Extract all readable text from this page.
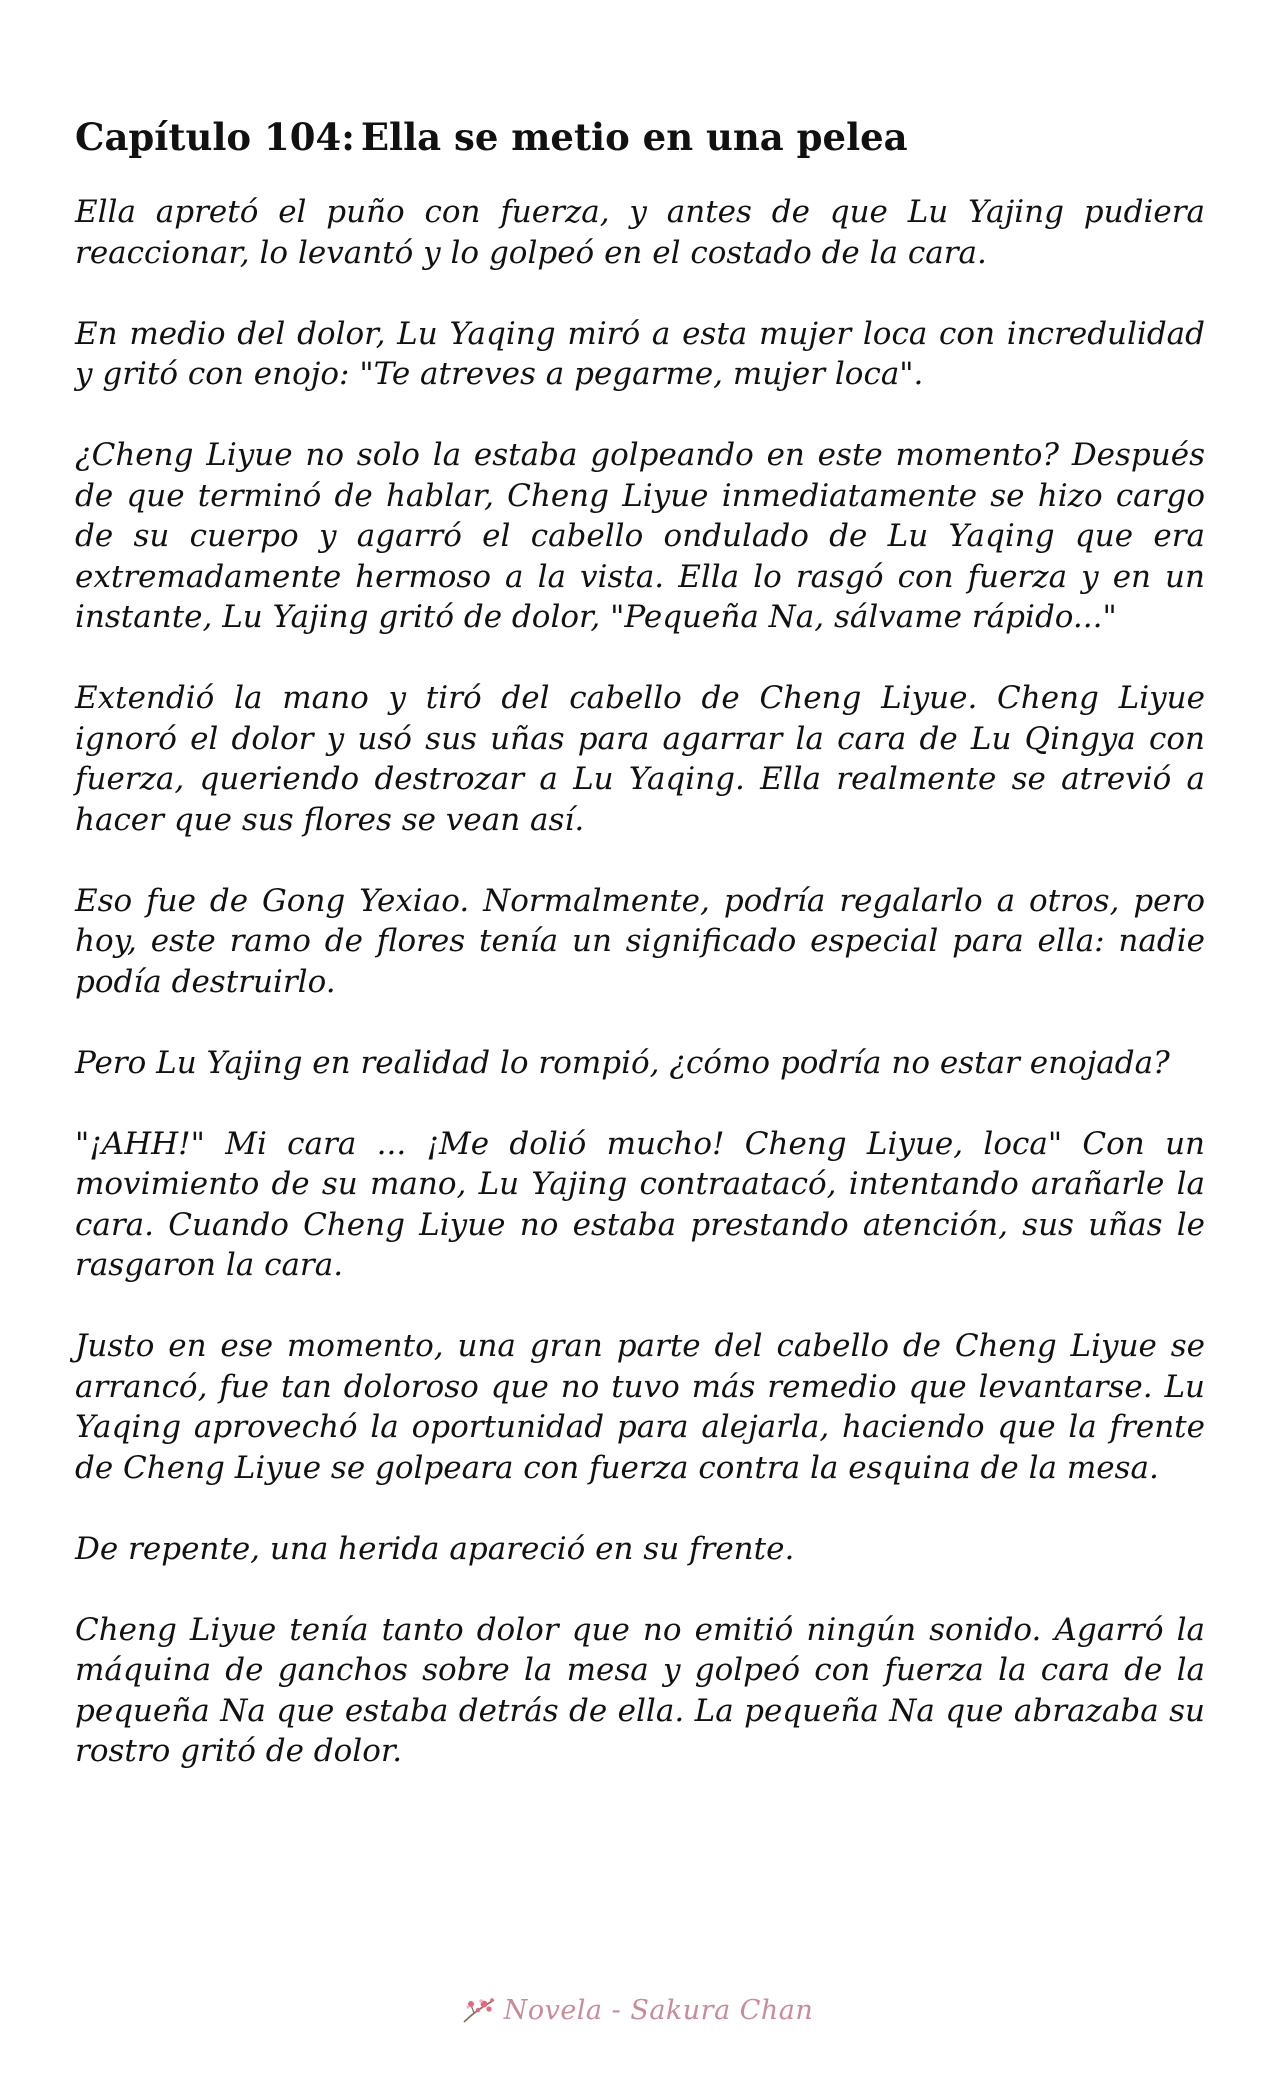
Capítulo 104: Ella se metio en una pelea

Ella apretó el puño con fuerza, y antes de que Lu Yajing pudiera reaccionar, lo levantó y lo golpeó en el costado de la cara.

En medio del dolor, Lu Yaqing miró a esta mujer loca con incredulidad y gritó con enojo: "Te atreves a pegarme, mujer loca".

¿Cheng Liyue no solo la estaba golpeando en este momento? Después de que terminó de hablar, Cheng Liyue inmediatamente se hizo cargo de su cuerpo y agarró el cabello ondulado de Lu Yaqing que era extremadamente hermoso a la vista. Ella lo rasgó con fuerza y en un instante, Lu Yajing gritó de dolor, "Pequeña Na, sálvame rápido..."

Extendió la mano y tiró del cabello de Cheng Liyue. Cheng Liyue ignoró el dolor y usó sus uñas para agarrar la cara de Lu Qingya con fuerza, queriendo destrozar a Lu Yaqing. Ella realmente se atrevió a hacer que sus flores se vean así.

Eso fue de Gong Yexiao. Normalmente, podría regalarlo a otros, pero hoy, este ramo de flores tenía un significado especial para ella: nadie podía destruirlo.

Pero Lu Yajing en realidad lo rompió, ¿cómo podría no estar enojada?

"¡AHH!" Mi cara ... ¡Me dolió mucho! Cheng Liyue, loca" Con un movimiento de su mano, Lu Yajing contraatacó, intentando arañarle la cara. Cuando Cheng Liyue no estaba prestando atención, sus uñas le rasgaron la cara.

Justo en ese momento, una gran parte del cabello de Cheng Liyue se arrancó, fue tan doloroso que no tuvo más remedio que levantarse. Lu Yaqing aprovechó la oportunidad para alejarla, haciendo que la frente de Cheng Liyue se golpeara con fuerza contra la esquina de la mesa.

De repente, una herida apareció en su frente.

Cheng Liyue tenía tanto dolor que no emitió ningún sonido. Agarró la máquina de ganchos sobre la mesa y golpeó con fuerza la cara de la pequeña Na que estaba detrás de ella. La pequeña Na que abrazaba su rostro gritó de dolor.

Novela - Sakura Chan
